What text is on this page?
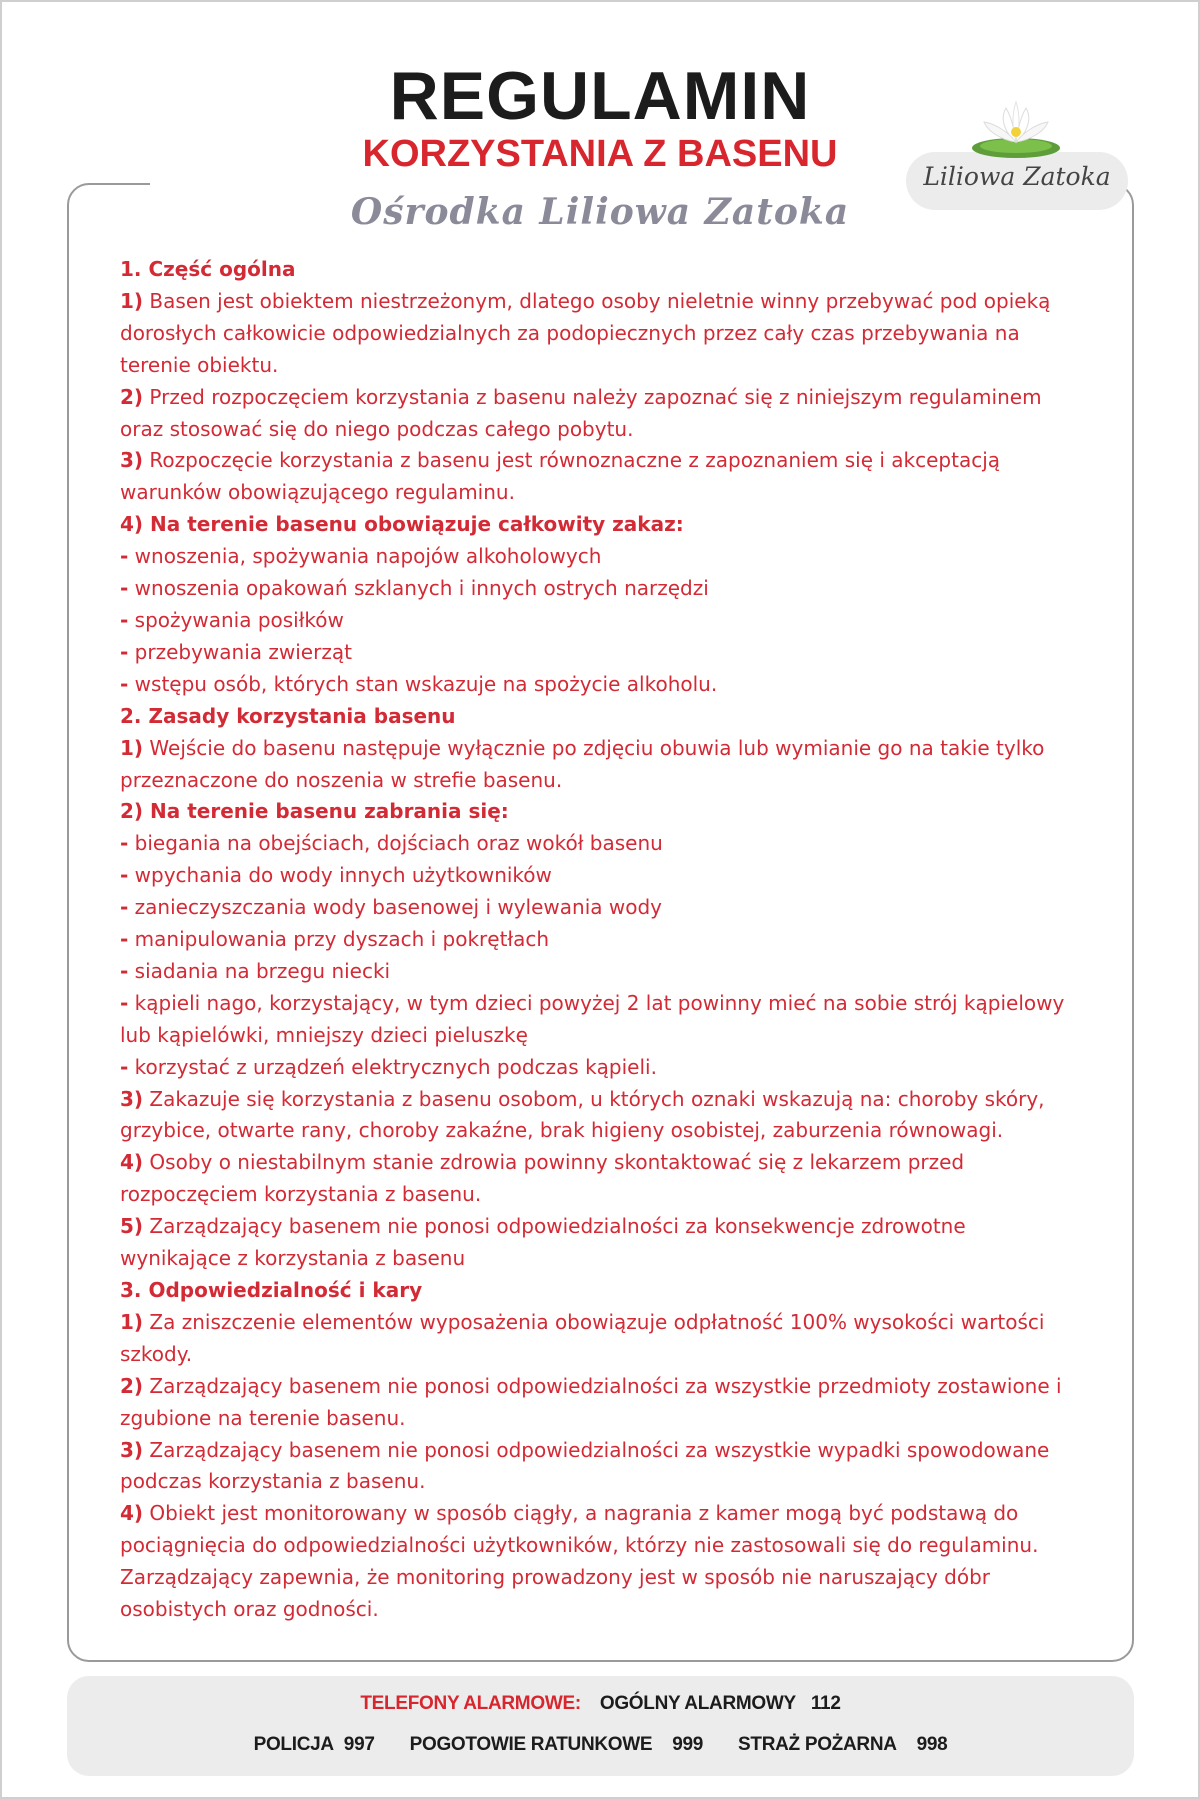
REGULAMIN
KORZYSTANIA Z BASENU
Ośrodka Liliowa Zatoka
Liliowa Zatoka

1. Część ogólna

1) Basen jest obiektem niestrzeżonym, dlatego osoby nieletnie winny przebywać pod opieką dorosłych całkowicie odpowiedzialnych za podopiecznych przez cały czas przebywania na terenie obiektu.

2) Przed rozpoczęciem korzystania z basenu należy zapoznać się z niniejszym regulaminem oraz stosować się do niego podczas całego pobytu.

3) Rozpoczęcie korzystania z basenu jest równoznaczne z zapoznaniem się i akceptacją warunków obowiązującego regulaminu.

4) Na terenie basenu obowiązuje całkowity zakaz:

- wnoszenia, spożywania napojów alkoholowych

- wnoszenia opakowań szklanych i innych ostrych narzędzi

- spożywania posiłków

- przebywania zwierząt

- wstępu osób, których stan wskazuje na spożycie alkoholu.

2. Zasady korzystania basenu

1) Wejście do basenu następuje wyłącznie po zdjęciu obuwia lub wymianie go na takie tylko przeznaczone do noszenia w strefie basenu.

2) Na terenie basenu zabrania się:

- biegania na obejściach, dojściach oraz wokół basenu

- wpychania do wody innych użytkowników

- zanieczyszczania wody basenowej i wylewania wody

- manipulowania przy dyszach i pokrętłach

- siadania na brzegu niecki

- kąpieli nago, korzystający, w tym dzieci powyżej 2 lat powinny mieć na sobie strój kąpielowy lub kąpielówki, mniejszy dzieci pieluszkę

- korzystać z urządzeń elektrycznych podczas kąpieli.

3) Zakazuje się korzystania z basenu osobom, u których oznaki wskazują na: choroby skóry, grzybice, otwarte rany, choroby zakaźne, brak higieny osobistej, zaburzenia równowagi.

4) Osoby o niestabilnym stanie zdrowia powinny skontaktować się z lekarzem przed rozpoczęciem korzystania z basenu.

5) Zarządzający basenem nie ponosi odpowiedzialności za konsekwencje zdrowotne wynikające z korzystania z basenu

3. Odpowiedzialność i kary

1) Za zniszczenie elementów wyposażenia obowiązuje odpłatność 100% wysokości wartości szkody.

2) Zarządzający basenem nie ponosi odpowiedzialności za wszystkie przedmioty zostawione i zgubione na terenie basenu.

3) Zarządzający basenem nie ponosi odpowiedzialności za wszystkie wypadki spowodowane podczas korzystania z basenu.

4) Obiekt jest monitorowany w sposób ciągły, a nagrania z kamer mogą być podstawą do pociągnięcia do odpowiedzialności użytkowników, którzy nie zastosowali się do regulaminu. Zarządzający zapewnia, że monitoring prowadzony jest w sposób nie naruszający dóbr osobistych oraz godności.

TELEFONY ALARMOWE: OGÓLNY ALARMOWY 112
POLICJA 997 POGOTOWIE RATUNKOWE 999 STRAŻ POŻARNA 998
